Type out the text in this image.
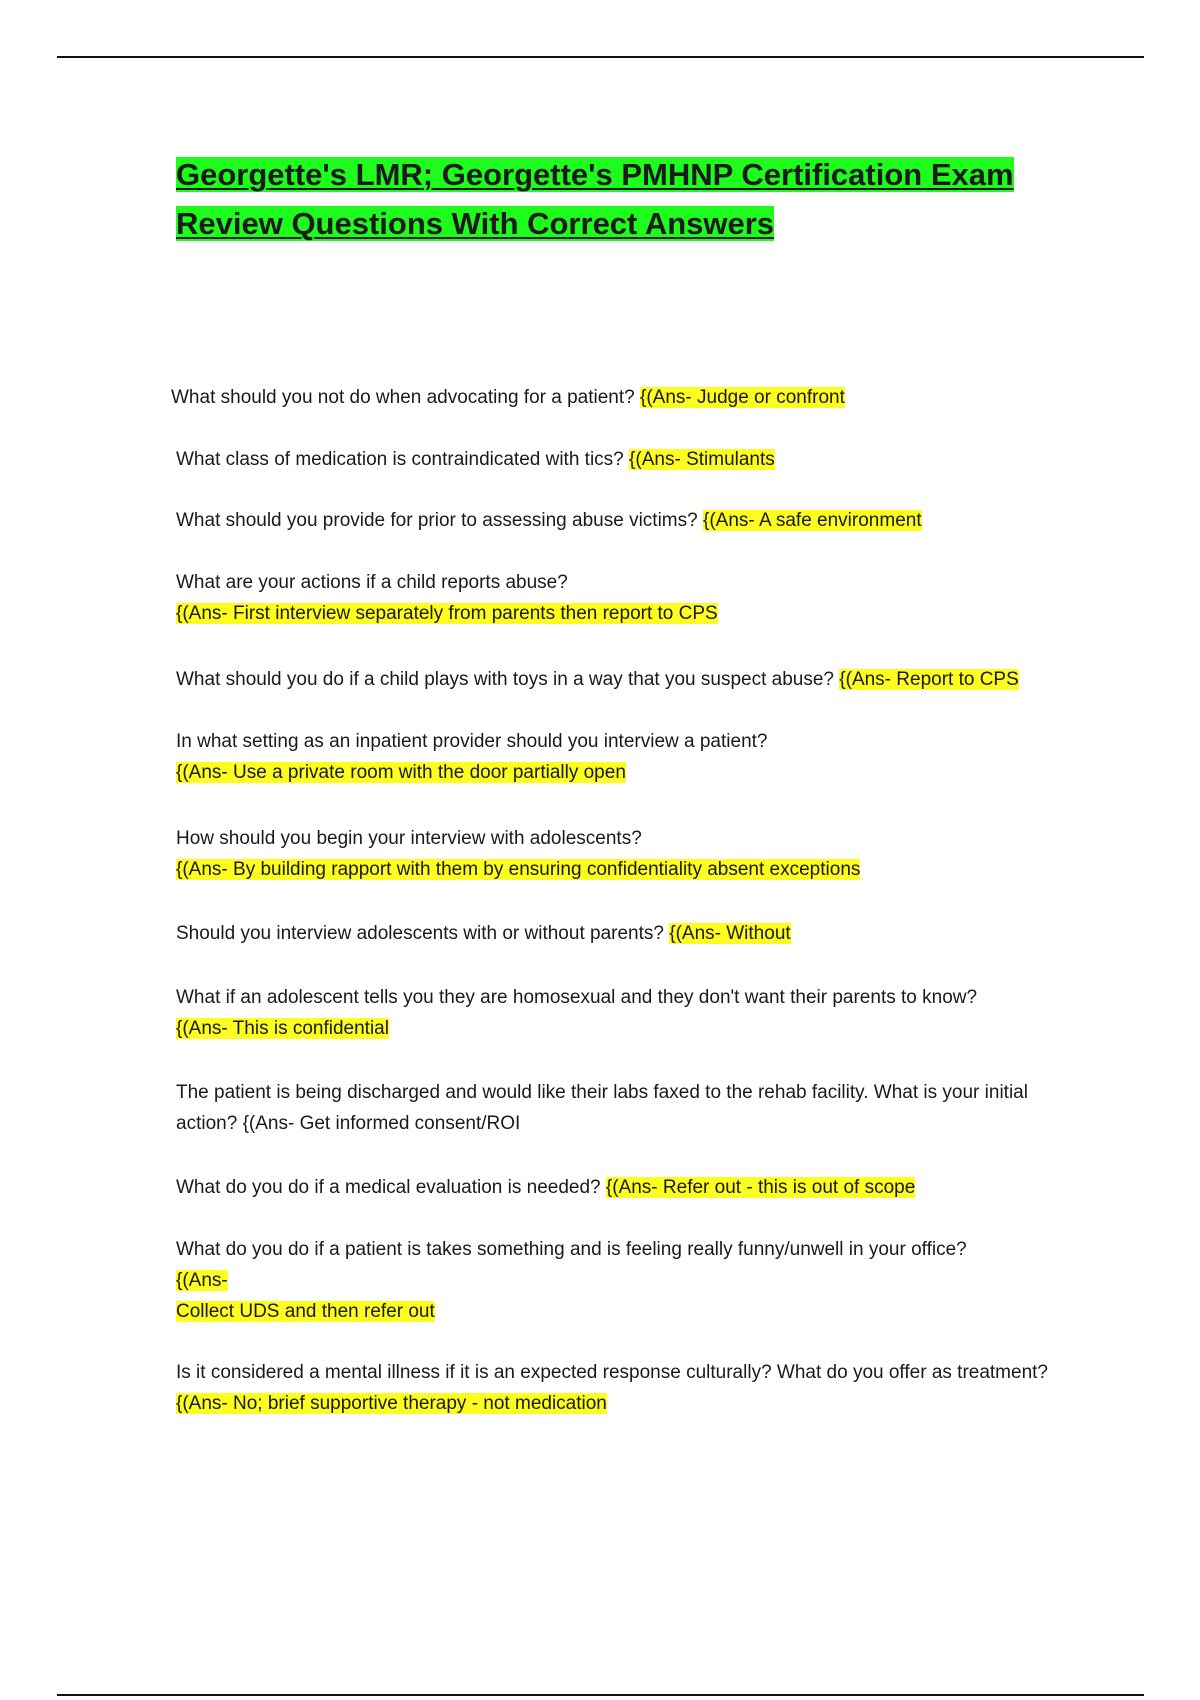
Georgette's LMR; Georgette's PMHNP Certification Exam
Review Questions With Correct Answers
What should you not do when advocating for a patient? {(Ans- Judge or confront
What class of medication is contraindicated with tics? {(Ans- Stimulants
What should you provide for prior to assessing abuse victims? {(Ans- A safe environment
What are your actions if a child reports abuse?
{(Ans- First interview separately from parents then report to CPS
What should you do if a child plays with toys in a way that you suspect abuse? {(Ans- Report to CPS
In what setting as an inpatient provider should you interview a patient?
{(Ans- Use a private room with the door partially open
How should you begin your interview with adolescents?
{(Ans- By building rapport with them by ensuring confidentiality absent exceptions
Should you interview adolescents with or without parents? {(Ans- Without
What if an adolescent tells you they are homosexual and they don't want their parents to know?
{(Ans- This is confidential
The patient is being discharged and would like their labs faxed to the rehab facility. What is your initial action? {(Ans- Get informed consent/ROI
What do you do if a medical evaluation is needed? {(Ans- Refer out - this is out of scope
What do you do if a patient is takes something and is feeling really funny/unwell in your office?
{(Ans-
Collect UDS and then refer out
Is it considered a mental illness if it is an expected response culturally? What do you offer as treatment? {(Ans- No; brief supportive therapy - not medication
